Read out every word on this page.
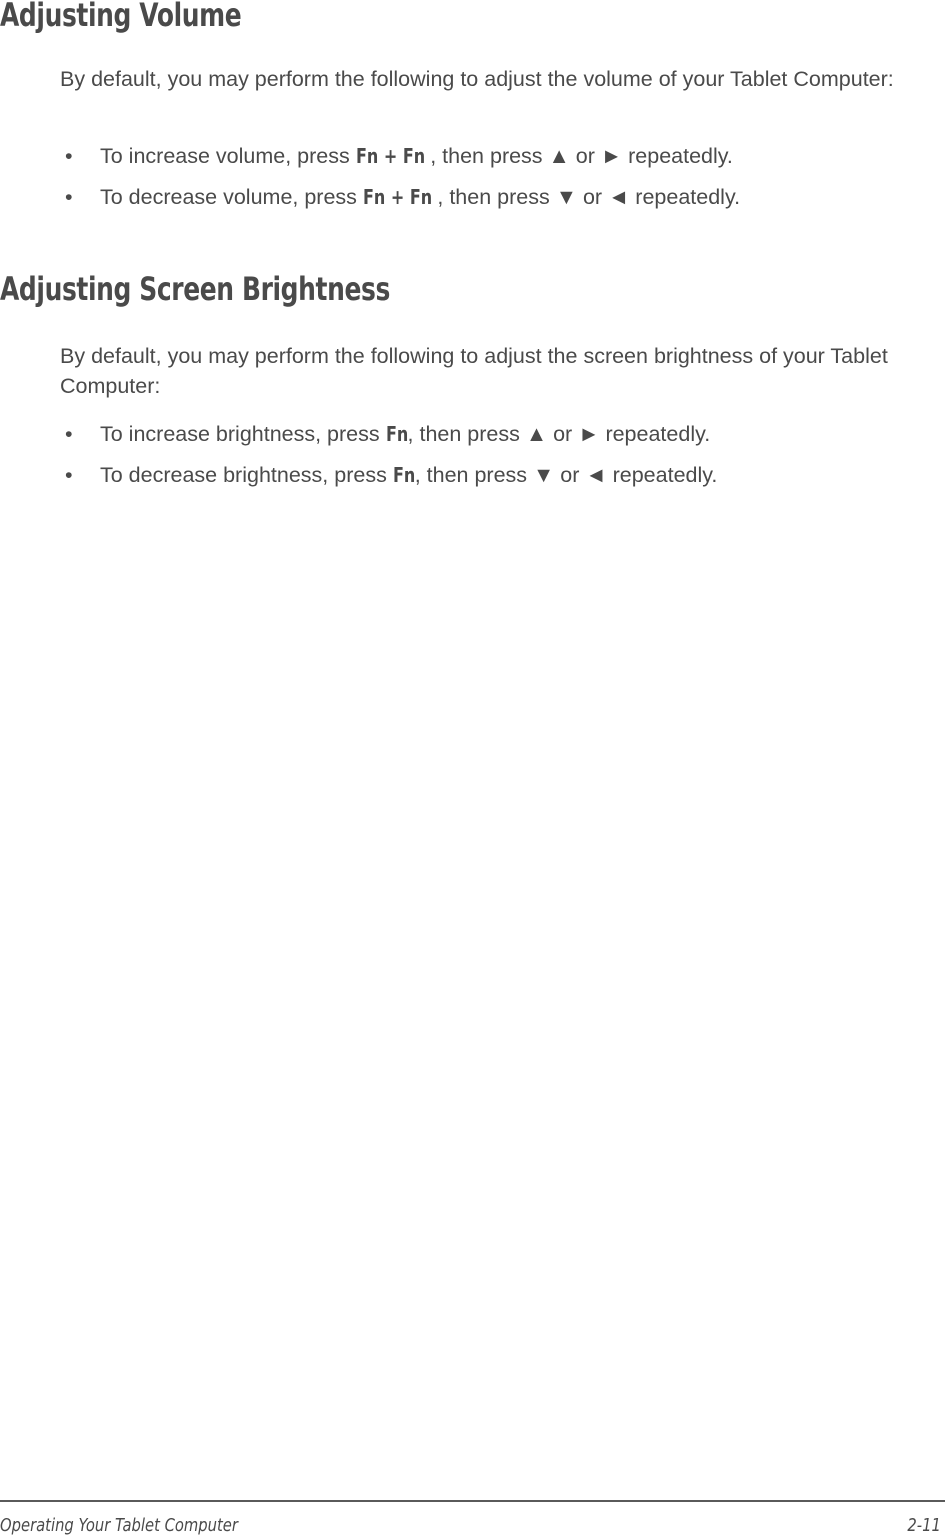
Adjusting Volume

By default, you may perform the following to adjust the volume of your Tablet Computer:

• To increase volume, press Fn + Fn , then press ▲ or ► repeatedly.
• To decrease volume, press Fn + Fn , then press ▼ or ◄ repeatedly.
Adjusting Screen Brightness

By default, you may perform the following to adjust the screen brightness of your Tablet Computer:

• To increase brightness, press Fn, then press ▲ or ► repeatedly.
• To decrease brightness, press Fn, then press ▼ or ◄ repeatedly.
Operating Your Tablet Computer	2-11
